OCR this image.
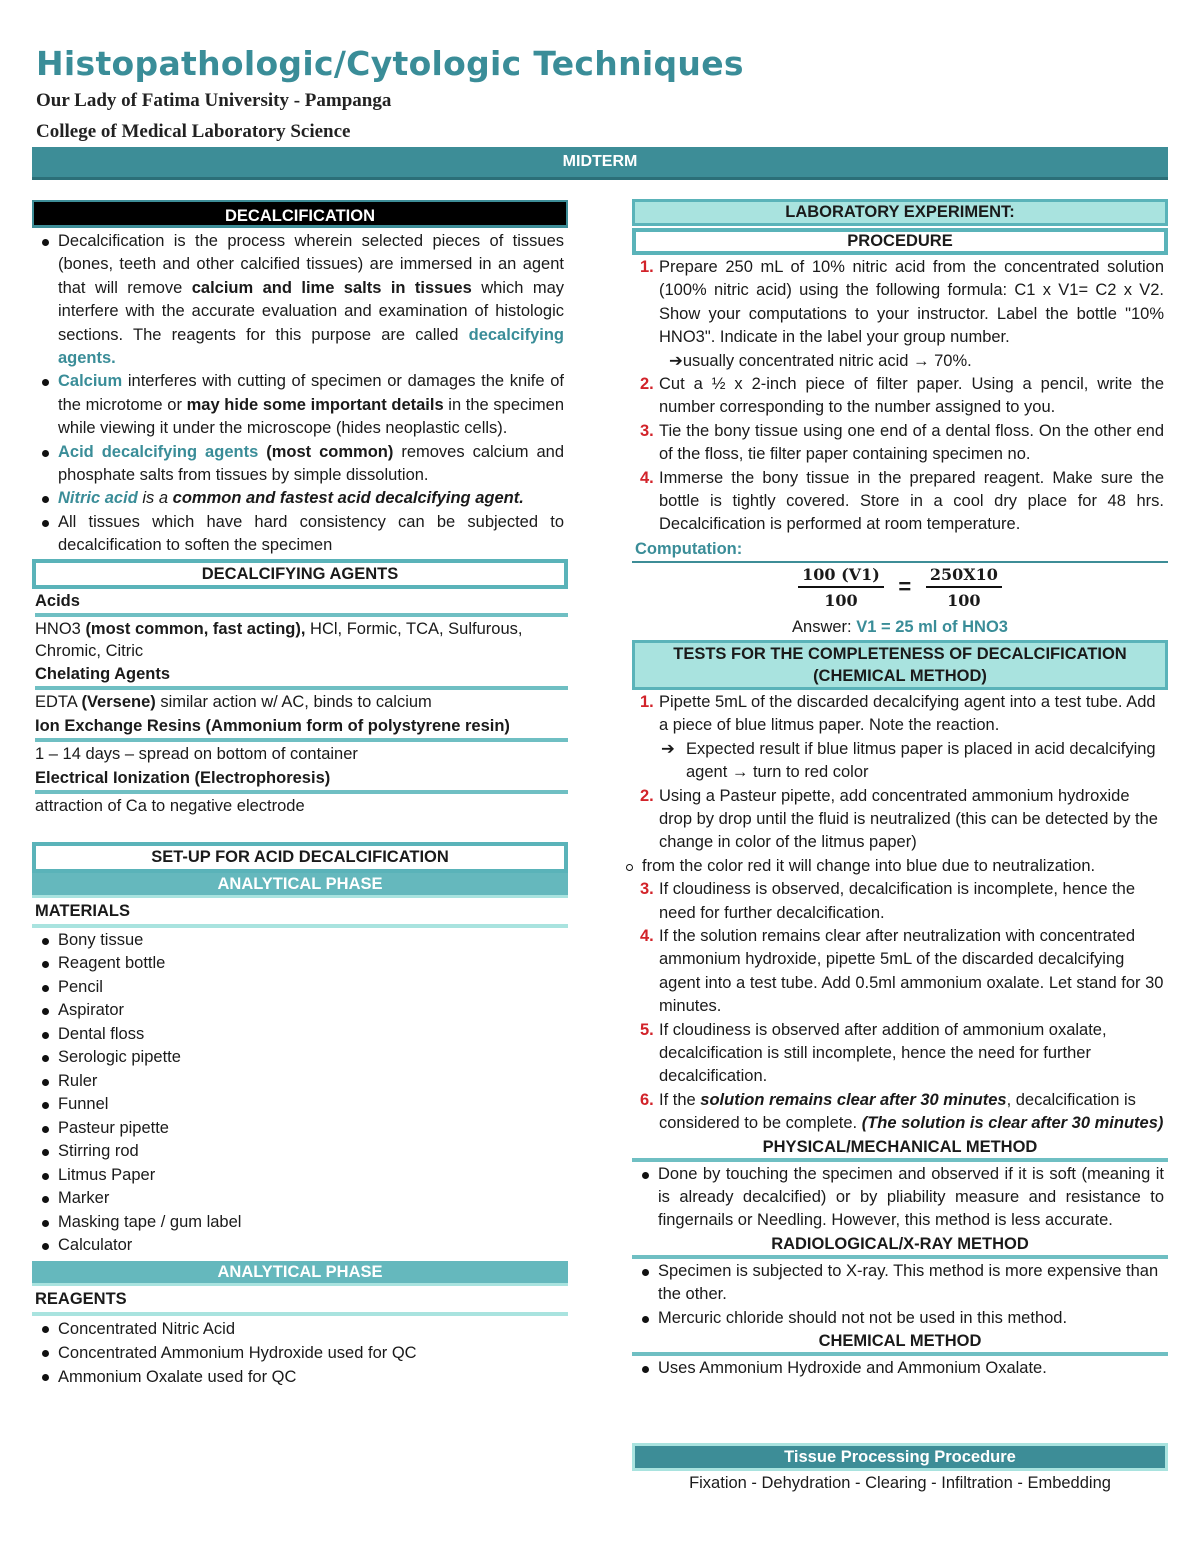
Histopathologic/Cytologic Techniques
Our Lady of Fatima University - Pampanga
College of Medical Laboratory Science
MIDTERM
DECALCIFICATION
Decalcification is the process wherein selected pieces of tissues (bones, teeth and other calcified tissues) are immersed in an agent that will remove calcium and lime salts in tissues which may interfere with the accurate evaluation and examination of histologic sections. The reagents for this purpose are called decalcifying agents.
Calcium interferes with cutting of specimen or damages the knife of the microtome or may hide some important details in the specimen while viewing it under the microscope (hides neoplastic cells).
Acid decalcifying agents (most common) removes calcium and phosphate salts from tissues by simple dissolution.
Nitric acid is a common and fastest acid decalcifying agent.
All tissues which have hard consistency can be subjected to decalcification to soften the specimen
DECALCIFYING AGENTS
Acids
HNO3 (most common, fast acting), HCl, Formic, TCA, Sulfurous, Chromic, Citric
Chelating Agents
EDTA (Versene) similar action w/ AC, binds to calcium
Ion Exchange Resins (Ammonium form of polystyrene resin)
1 – 14 days – spread on bottom of container
Electrical Ionization (Electrophoresis)
attraction of Ca to negative electrode
SET-UP FOR ACID DECALCIFICATION
ANALYTICAL PHASE
MATERIALS
Bony tissue
Reagent bottle
Pencil
Aspirator
Dental floss
Serologic pipette
Ruler
Funnel
Pasteur pipette
Stirring rod
Litmus Paper
Marker
Masking tape / gum label
Calculator
ANALYTICAL PHASE
REAGENTS
Concentrated Nitric Acid
Concentrated Ammonium Hydroxide used for QC
Ammonium Oxalate used for QC
LABORATORY EXPERIMENT:
PROCEDURE
1. Prepare 250 mL of 10% nitric acid from the concentrated solution (100% nitric acid) using the following formula: C1 x V1= C2 x V2. Show your computations to your instructor. Label the bottle "10% HNO3". Indicate in the label your group number.
➔usually concentrated nitric acid → 70%.
2. Cut a ½ x 2-inch piece of filter paper. Using a pencil, write the number corresponding to the number assigned to you.
3. Tie the bony tissue using one end of a dental floss. On the other end of the floss, tie filter paper containing specimen no.
4. Immerse the bony tissue in the prepared reagent. Make sure the bottle is tightly covered. Store in a cool dry place for 48 hrs. Decalcification is performed at room temperature.
Computation:
$\frac{100 (V1)}{100} = \frac{250X10}{100}$
Answer: V1 = 25 ml of HNO3
TESTS FOR THE COMPLETENESS OF DECALCIFICATION
(CHEMICAL METHOD)
1. Pipette 5mL of the discarded decalcifying agent into a test tube. Add a piece of blue litmus paper. Note the reaction.
➔ Expected result if blue litmus paper is placed in acid decalcifying agent → turn to red color
2. Using a Pasteur pipette, add concentrated ammonium hydroxide drop by drop until the fluid is neutralized (this can be detected by the change in color of the litmus paper)
from the color red it will change into blue due to neutralization.
3. If cloudiness is observed, decalcification is incomplete, hence the need for further decalcification.
4. If the solution remains clear after neutralization with concentrated ammonium hydroxide, pipette 5mL of the discarded decalcifying agent into a test tube. Add 0.5ml ammonium oxalate. Let stand for 30 minutes.
5. If cloudiness is observed after addition of ammonium oxalate, decalcification is still incomplete, hence the need for further decalcification.
6. If the solution remains clear after 30 minutes, decalcification is considered to be complete. (The solution is clear after 30 minutes)
PHYSICAL/MECHANICAL METHOD
Done by touching the specimen and observed if it is soft (meaning it is already decalcified) or by pliability measure and resistance to fingernails or Needling. However, this method is less accurate.
RADIOLOGICAL/X-RAY METHOD
Specimen is subjected to X-ray. This method is more expensive than the other.
Mercuric chloride should not not be used in this method.
CHEMICAL METHOD
Uses Ammonium Hydroxide and Ammonium Oxalate.
Tissue Processing Procedure
Fixation - Dehydration - Clearing - Infiltration - Embedding
